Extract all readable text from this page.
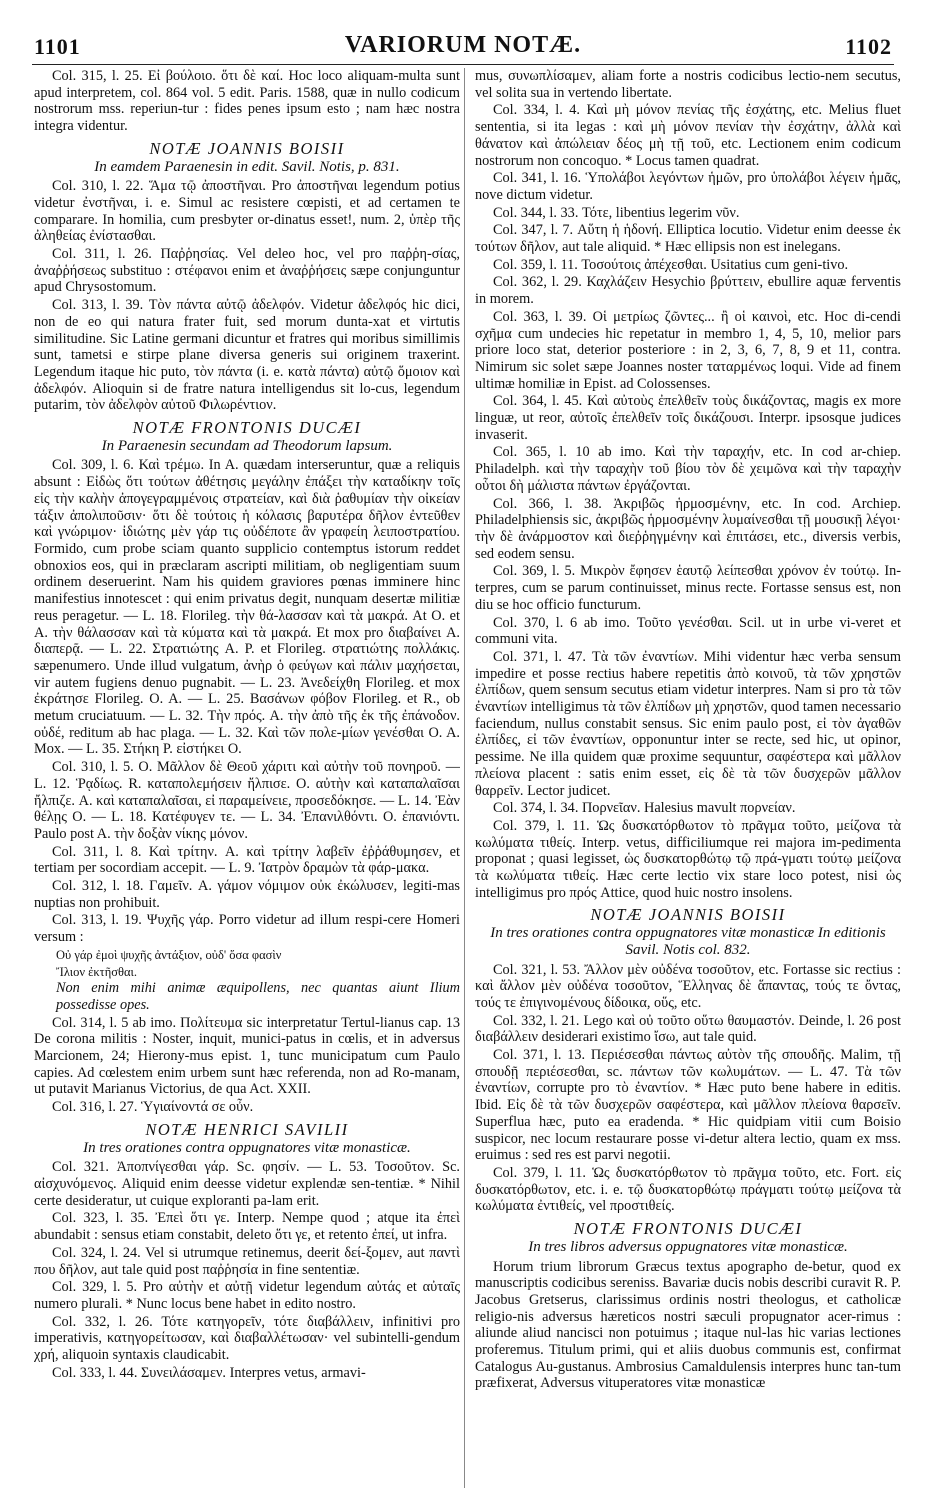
1101	VARIORUM NOTÆ.	1102
Col. 315, l. 25. Εἰ βούλοιο. ὅτι δὲ καί. Hoc loco aliquam-multa sunt apud interpretem, col. 864 vol. 5 edit. Paris. 1588, quæ in nullo codicum nostrorum mss. reperiun-tur : fides penes ipsum esto ; nam hæc nostra integra videntur.
NOTÆ JOANNIS BOISII
In eamdem Paraenesin in edit. Savil. Notis, p. 831.
Col. 310, l. 22. Ἅμα τῷ ἀποστῆναι. Pro ἀποστῆναι legendum potius videtur ἐνστῆναι, i. e. Simul ac resistere cœpisti, et ad certamen te comparare. In homilia, cum presbyter or-dinatus esset!, num. 2, ὑπὲρ τῆς ἀληθείας ἐνίστασθαι.
Col. 311, l. 26. Παῤῥησίας. Vel deleo hoc, vel pro παῤῥη-σίας, ἀναῤῥήσεως substituo : στέφανοι enim et ἀναῤῥήσεις sæpe conjunguntur apud Chrysostomum.
Col. 313, l. 39. Τὸν πάντα αὐτῷ ἀδελφόν. Videtur ἀδελφός hic dici, non de eo qui natura frater fuit, sed morum dunta-xat et virtutis similitudine. Sic Latine germani dicuntur et fratres qui moribus simillimis sunt, tametsi e stirpe plane diversa generis sui originem traxerint. Legendum itaque hic puto, τὸν πάντα (i. e. κατὰ πάντα) αὐτῷ ὅμοιον καὶ ἀδελφόν. Alioquin si de fratre natura intelligendus sit lo-cus, legendum putarim, τὸν ἀδελφὸν αὐτοῦ Φιλωρέντιον.
NOTÆ FRONTONIS DUCÆI
In Paraenesin secundam ad Theodorum lapsum.
Col. 309, l. 6. Καὶ τρέμω. In A. quædam interseruntur, quæ a reliquis absunt : Εἰδὼς ὅτι τούτων ἀθέτησις μεγάλην ἐπάξει τὴν καταδίκην τοῖς εἰς τὴν καλὴν ἀπογεγραμμένοις στρατείαν, καὶ διὰ ῥαθυμίαν τὴν οἰκείαν τάξιν ἀπολιποῦσιν· ὅτι δὲ τούτοις ἡ κόλασις βαρυτέρα δῆλον ἐντεῦθεν καὶ γνώριμον· ἰδιώτης μὲν γάρ τις οὐδέποτε ἂν γραφείη λειποστρατίου. Formido, cum probe sciam quanto supplicio contemptus istorum reddet obnoxios eos, qui in præclaram ascripti militiam, ob negligentiam suum ordinem deseruerint. Nam his quidem graviores pœnas imminere hinc manifestius innotescet : qui enim privatus degit, nunquam desertæ militiæ reus peragetur. — L. 18. Florileg. τὴν θά-λασσαν καὶ τὰ μακρά. At O. et A. τὴν θάλασσαν καὶ τὰ κύματα καὶ τὰ μακρά. Et mox pro διαβαίνει A. διαπερᾷ. — L. 22. Στρατιώτης A. P. et Florileg. στρατιώτης πολλάκις. sæpenumero. Unde illud vulgatum, ἀνὴρ ὁ φεύγων καὶ πάλιν μαχήσεται, vir autem fugiens denuo pugnabit. — L. 23. Ἀνεδείχθη Florileg. et mox ἐκράτησε Florileg. O. A. — L. 25. Βασάνων φόβον Florileg. et R., ob metum cruciatuum. — L. 32. Τὴν πρός. A. τὴν ἀπὸ τῆς ἐκ τῆς ἐπάνοδον. οὐδέ, reditum ab hac plaga. — L. 32. Καὶ τῶν πολε-μίων γενέσθαι O. A. Mox. — L. 35. Στήκη P. εἰστήκει O.
Col. 310, l. 5. O. Μᾶλλον δὲ Θεοῦ χάριτι καὶ αὐτὴν τοῦ πονηροῦ. — L. 12. Ῥᾳδίως. R. καταπολεμήσειν ἤλπισε. O. αὐτὴν καὶ καταπαλαῖσαι ἤλπιζε. A. καὶ καταπαλαῖσαι, εἰ παραμείνειε, προσεδόκησε. — L. 14. Ἐὰν θέλῃς O. — L. 18. Κατέφυγεν τε. — L. 34. Ἐπανιλθόντι. O. ἐπανιόντι. Paulo post A. τὴν δοξὰν νίκης μόνον.
Col. 311, l. 8. Καὶ τρίτην. A. καὶ τρίτην λαβεῖν ἐῤῥάθυμησεν, et tertiam per socordiam accepit. — L. 9. Ἰατρὸν δραμὼν τὰ φάρ-μακα.
Col. 312, l. 18. Γαμεῖν. A. γάμον νόμιμον οὐκ ἐκώλυσεν, legiti-mas nuptias non prohibuit.
Col. 313, l. 19. Ψυχῆς γάρ. Porro videtur ad illum respi-cere Homeri versum :
Οὐ γάρ ἐμοὶ ψυχῆς ἀντάξιον, οὐδ' ὅσα φασὶν
Ἴλιον ἐκτῆσθαι.
Non enim mihi animæ æquipollens, nec quantas aiunt Ilium possedisse opes.
Col. 314, l. 5 ab imo. Πολίτευμα sic interpretatur Tertul-lianus cap. 13 De corona militis : Noster, inquit, munici-patus in cœlis, et in adversus Marcionem, 24; Hierony-mus epist. 1, tunc municipatum cum Paulo capies. Ad cœlestem enim urbem sunt hæc referenda, non ad Ro-manam, ut putavit Marianus Victorius, de qua Act. XXII.
Col. 316, l. 27. Ὑγιαίνοντά σε οὖν.
NOTÆ HENRICI SAVILII
In tres orationes contra oppugnatores vitæ monasticæ.
Col. 321. Ἀποπνίγεσθαι γάρ. Sc. φησίν. — L. 53. Τοσοῦτον. Sc. αἰσχυνόμενος. Aliquid enim deesse videtur explendæ sen-tentiæ. * Nihil certe desideratur, ut cuique exploranti pa-lam erit.
Col. 323, l. 35. Ἐπεὶ ὅτι γε. Interp. Nempe quod ; atque ita ἐπεὶ abundabit : sensus etiam constabit, deleto ὅτι γε, et retento ἐπεί, ut infra.
Col. 324, l. 24. Vel si utrumque retinemus, deerit δεί-ξομεν, aut παντὶ που δῆλον, aut tale quid post παῤῥησία in fine sententiæ.
Col. 329, l. 5. Pro αὐτὴν et αὐτῇ videtur legendum αὐτάς et αὐταῖς numero plurali. * Nunc locus bene habet in edito nostro.
Col. 332, l. 26. Τότε κατηγορεῖν, τότε διαβάλλειν, infinitivi pro imperativis, κατηγορείτωσαν, καὶ διαβαλλέτωσαν· vel subintelli-gendum χρή, aliquoin syntaxis claudicabit.
Col. 333, l. 44. Συνειλάσαμεν. Interpres vetus, armavi-
mus, συνωπλίσαμεν, aliam forte a nostris codicibus lectio-nem secutus, vel solita sua in vertendo libertate.
Col. 334, l. 4. Καὶ μὴ μόνον πενίας τῆς ἐσχάτης, etc. Melius fluet sententia, si ita legas : καὶ μὴ μόνον πενίαν τὴν ἐσχάτην, ἀλλὰ καὶ θάνατον καὶ ἀπώλειαν δέος μὴ τῇ τοῦ, etc. Lectionem enim codicum nostrorum non concoquo. * Locus tamen quadrat.
Col. 341, l. 16. Ὑπολάβοι λεγόντων ἡμῶν, pro ὑπολάβοι λέγειν ἡμᾶς, nove dictum videtur.
Col. 344, l. 33. Τότε, libentius legerim νῦν.
Col. 347, l. 7. Αὕτη ἡ ἡδονή. Elliptica locutio. Videtur enim deesse ἐκ τούτων δῆλον, aut tale aliquid. * Hæc ellipsis non est inelegans.
Col. 359, l. 11. Τοσούτοις ἀπέχεσθαι. Usitatius cum geni-tivo.
Col. 362, l. 29. Καχλάζειν Hesychio βρύττειν, ebullire aquæ ferventis in morem.
Col. 363, l. 39. Οἱ μετρίως ζῶντες... ἢ οἱ καινοὶ, etc. Hoc di-cendi σχῆμα cum undecies hic repetatur in membro 1, 4, 5, 10, melior pars priore loco stat, deterior posteriore : in 2, 3, 6, 7, 8, 9 et 11, contra. Nimirum sic solet sæpe Joannes noster ταταρμένως loqui. Vide ad finem ultimæ homiliæ in Epist. ad Colossenses.
Col. 364, l. 45. Καὶ αὐτοὺς ἐπελθεῖν τοὺς δικάζοντας, magis ex more linguæ, ut reor, αὐτοῖς ἐπελθεῖν τοῖς δικάζουσι. Interpr. ipsosque judices invaserit.
Col. 365, l. 10 ab imo. Καὶ τὴν ταραχήν, etc. In cod ar-chiep. Philadelph. καὶ τὴν ταραχὴν τοῦ βίου τὸν δὲ χειμῶνα καὶ τὴν ταραχὴν οὗτοι δὴ μάλιστα πάντων ἐργάζονται.
Col. 366, l. 38. Ἀκριβῶς ἡρμοσμένην, etc. In cod. Archiep. Philadelphiensis sic, ἀκριβῶς ἡρμοσμένην λυμαίνεσθαι τῇ μουσικῇ λέγοι· τὴν δὲ ἀνάρμοστον καὶ διεῤῥηγμένην καὶ ἐπιτάσει, etc., diversis verbis, sed eodem sensu.
Col. 369, l. 5. Μικρὸν ἔφησεν ἑαυτῷ λείπεσθαι χρόνον ἐν τούτῳ. In-terpres, cum se parum continuisset, minus recte. Fortasse sensus est, non diu se hoc officio functurum.
Col. 370, l. 6 ab imo. Τοῦτο γενέσθαι. Scil. ut in urbe vi-veret et communi vita.
Col. 371, l. 47. Τὰ τῶν ἐναντίων. Mihi videntur hæc verba sensum impedire et posse rectius habere repetitis ἀπὸ κοινοῦ, τὰ τῶν χρηστῶν ἐλπίδων, quem sensum secutus etiam videtur interpres. Nam si pro τὰ τῶν ἐναντίων intelligimus τὰ τῶν ἐλπίδων μὴ χρηστῶν, quod tamen necessario faciendum, nullus constabit sensus. Sic enim paulo post, εἰ τὸν ἀγαθῶν ἐλπίδες, εἰ τῶν ἐναντίων, opponuntur inter se recte, sed hic, ut opinor, pessime. Ne illa quidem quæ proxime sequuntur, σαφέστερα καὶ μᾶλλον πλείονα placent : satis enim esset, εἰς δὲ τὰ τῶν δυσχερῶν μᾶλλον θαρρεῖν. Lector judicet.
Col. 374, l. 34. Πορνεῖαν. Halesius mavult πορνείαν.
Col. 379, l. 11. Ὡς δυσκατόρθωτον τὸ πρᾶγμα τοῦτο, μείζονα τὰ κωλύματα τιθείς. Interp. vetus, difficiliumque rei majora im-pedimenta proponat ; quasi legisset, ὡς δυσκατορθώτῳ τῷ πρά-γματι τούτῳ μείζονα τὰ κωλύματα τιθείς. Hæc certe lectio vix stare loco potest, nisi ὡς intelligimus pro πρός Attice, quod huic nostro insolens.
NOTÆ JOANNIS BOISII
In tres orationes contra oppugnatores vitæ monasticæ In editionis Savil. Notis col. 832.
Col. 321, l. 53. Ἄλλον μὲν οὐδένα τοσοῦτον, etc. Fortasse sic rectius : καὶ ἄλλον μὲν οὐδένα τοσοῦτον, Ἕλληνας δὲ ἅπαντας, τούς τε ὄντας, τούς τε ἐπιγινομένους δίδοικα, οὕς, etc.
Col. 332, l. 21. Lego καὶ οὐ τοῦτο οὕτω θαυμαστόν. Deinde, l. 26 post διαβάλλειν desiderari existimo ἴσω, aut tale quid.
Col. 371, l. 13. Περιέσεσθαι πάντως αὐτὸν τῆς σπουδῆς. Malim, τῇ σπουδῇ περιέσεσθαι, sc. πάντων τῶν κωλυμάτων. — L. 47. Τὰ τῶν ἐναντίων, corrupte pro τὸ ἐναντίον. * Hæc puto bene habere in editis. Ibid. Εἰς δὲ τὰ τῶν δυσχερῶν σαφέστερα, καὶ μᾶλλον πλείονα θαρσεῖν. Superflua hæc, puto ea eradenda. * Hic quidpiam vitii cum Boisio suspicor, nec locum restaurare posse vi-detur altera lectio, quam ex mss. eruimus : sed res est parvi negotii.
Col. 379, l. 11. Ὡς δυσκατόρθωτον τὸ πρᾶγμα τοῦτο, etc. Fort. εἰς δυσκατόρθωτον, etc. i. e. τῷ δυσκατορθώτῳ πράγματι τούτῳ μείζονα τὰ κωλύματα ἐντιθείς, vel προστιθείς.
NOTÆ FRONTONIS DUCÆI
In tres libros adversus oppugnatores vitæ monasticæ.
Horum trium librorum Græcus textus apographo de-betur, quod ex manuscriptis codicibus sereniss. Bavariæ ducis nobis describi curavit R. P. Jacobus Gretserus, clarissimus ordinis nostri theologus, et catholicæ religio-nis adversus hæreticos nostri sæculi propugnator acer-rimus : aliunde aliud nancisci non potuimus ; itaque nul-las hic varias lectiones proferemus. Titulum primi, qui et aliis duobus communis est, confirmat Catalogus Au-gustanus. Ambrosius Camaldulensis interpres hunc tan-tum præfixerat, Adversus vituperatores vitæ monasticæ
